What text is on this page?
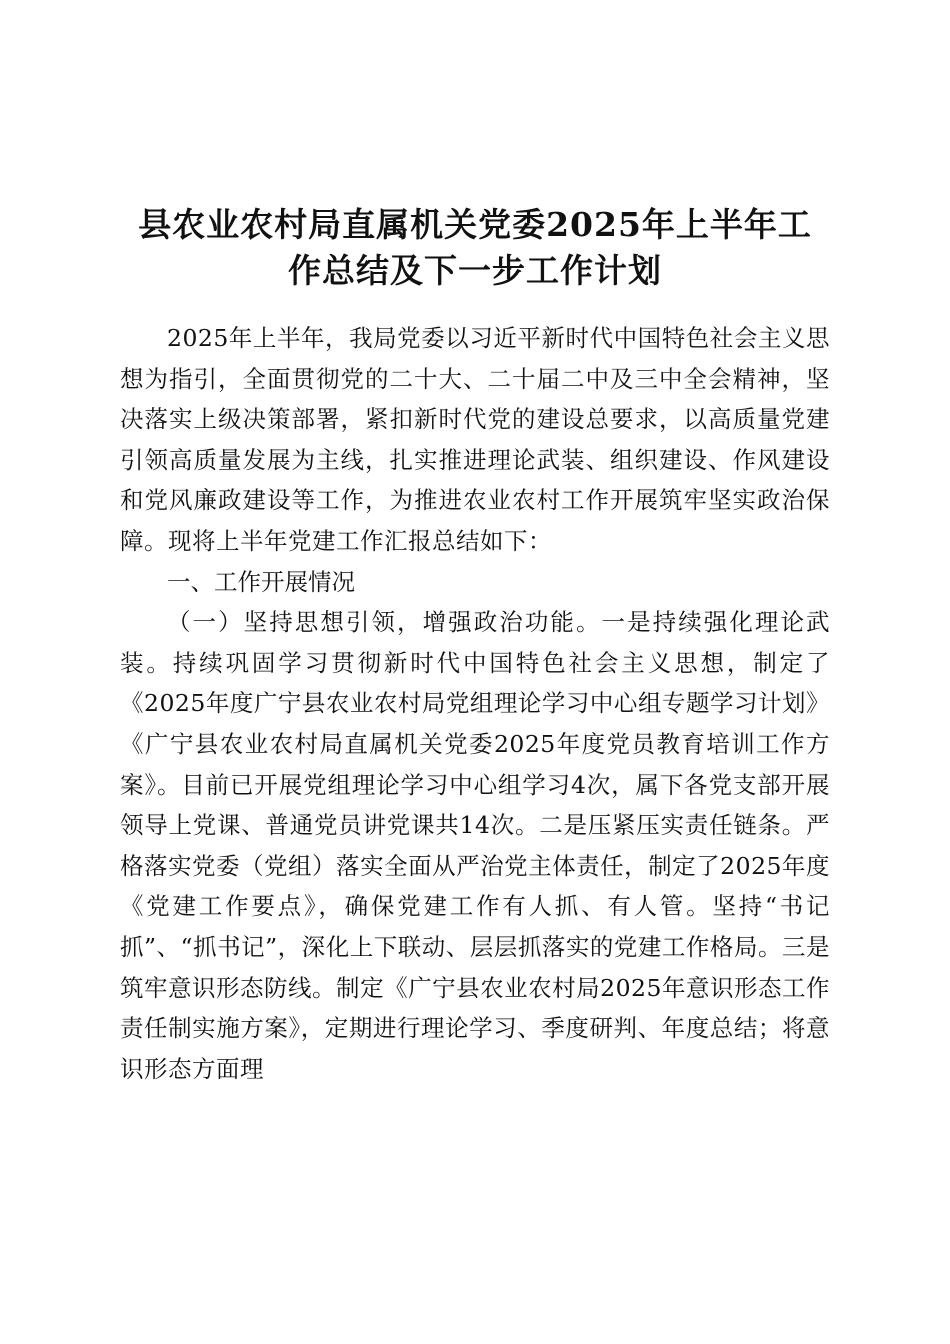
县农业农村局直属机关党委2025年上半年工
作总结及下一步工作计划

2025年上半年，我局党委以习近平新时代中国特色社会主义思想为指引，全面贯彻党的二十大、二十届二中及三中全会精神，坚决落实上级决策部署，紧扣新时代党的建设总要求，以高质量党建引领高质量发展为主线，扎实推进理论武装、组织建设、作风建设和党风廉政建设等工作，为推进农业农村工作开展筑牢坚实政治保障。现将上半年党建工作汇报总结如下：

一、工作开展情况

（一）坚持思想引领，增强政治功能。一是持续强化理论武装。持续巩固学习贯彻新时代中国特色社会主义思想，制定了《2025年度广宁县农业农村局党组理论学习中心组专题学习计划》《广宁县农业农村局直属机关党委2025年度党员教育培训工作方案》。目前已开展党组理论学习中心组学习4次，属下各党支部开展领导上党课、普通党员讲党课共14次。二是压紧压实责任链条。严格落实党委（党组）落实全面从严治党主体责任，制定了2025年度《党建工作要点》，确保党建工作有人抓、有人管。坚持“书记抓”、“抓书记”，深化上下联动、层层抓落实的党建工作格局。三是筑牢意识形态防线。制定《广宁县农业农村局2025年意识形态工作责任制实施方案》，定期进行理论学习、季度研判、年度总结；将意识形态方面理
